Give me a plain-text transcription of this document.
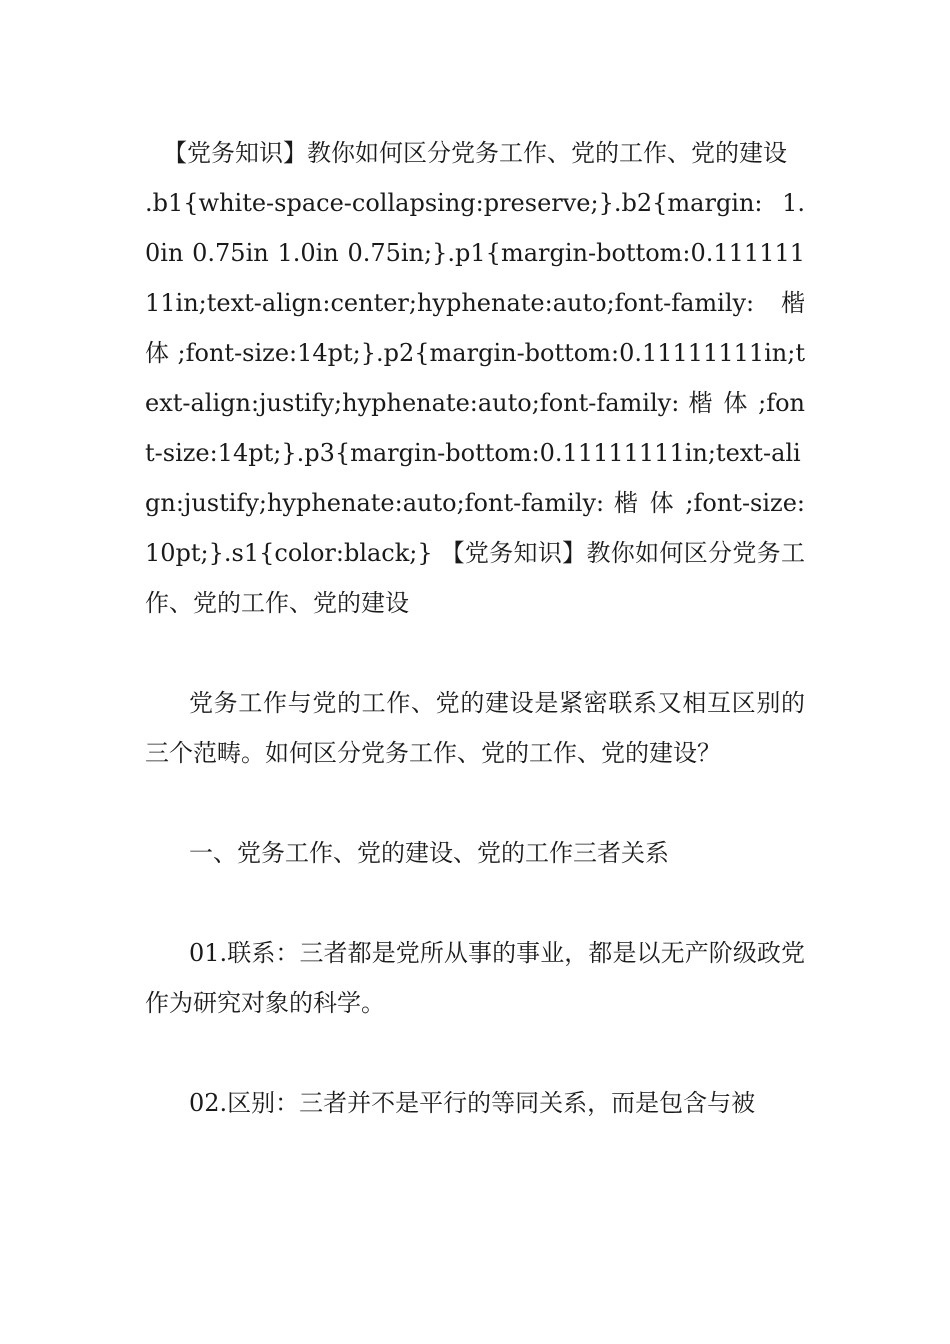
【党务知识】教你如何区分党务工作、党的工作、党的建设

.b1{white-space-collapsing:preserve;}.b2{margin: 1.0in 0.75in 1.0in 0.75in;}.p1{margin-bottom:0.11111111in;text-align:center;hyphenate:auto;font-family: 楷 体 ;font-size:14pt;}.p2{margin-bottom:0.11111111in;text-align:justify;hyphenate:auto;font-family: 楷 体 ;font-size:14pt;}.p3{margin-bottom:0.11111111in;text-align:justify;hyphenate:auto;font-family: 楷 体 ;font-size:10pt;}.s1{color:black;} 【党务知识】教你如何区分党务工作、党的工作、党的建设

党务工作与党的工作、党的建设是紧密联系又相互区别的三个范畴。如何区分党务工作、党的工作、党的建设？

一、党务工作、党的建设、党的工作三者关系

01.联系：三者都是党所从事的事业，都是以无产阶级政党作为研究对象的科学。

02.区别：三者并不是平行的等同关系，而是包含与被
